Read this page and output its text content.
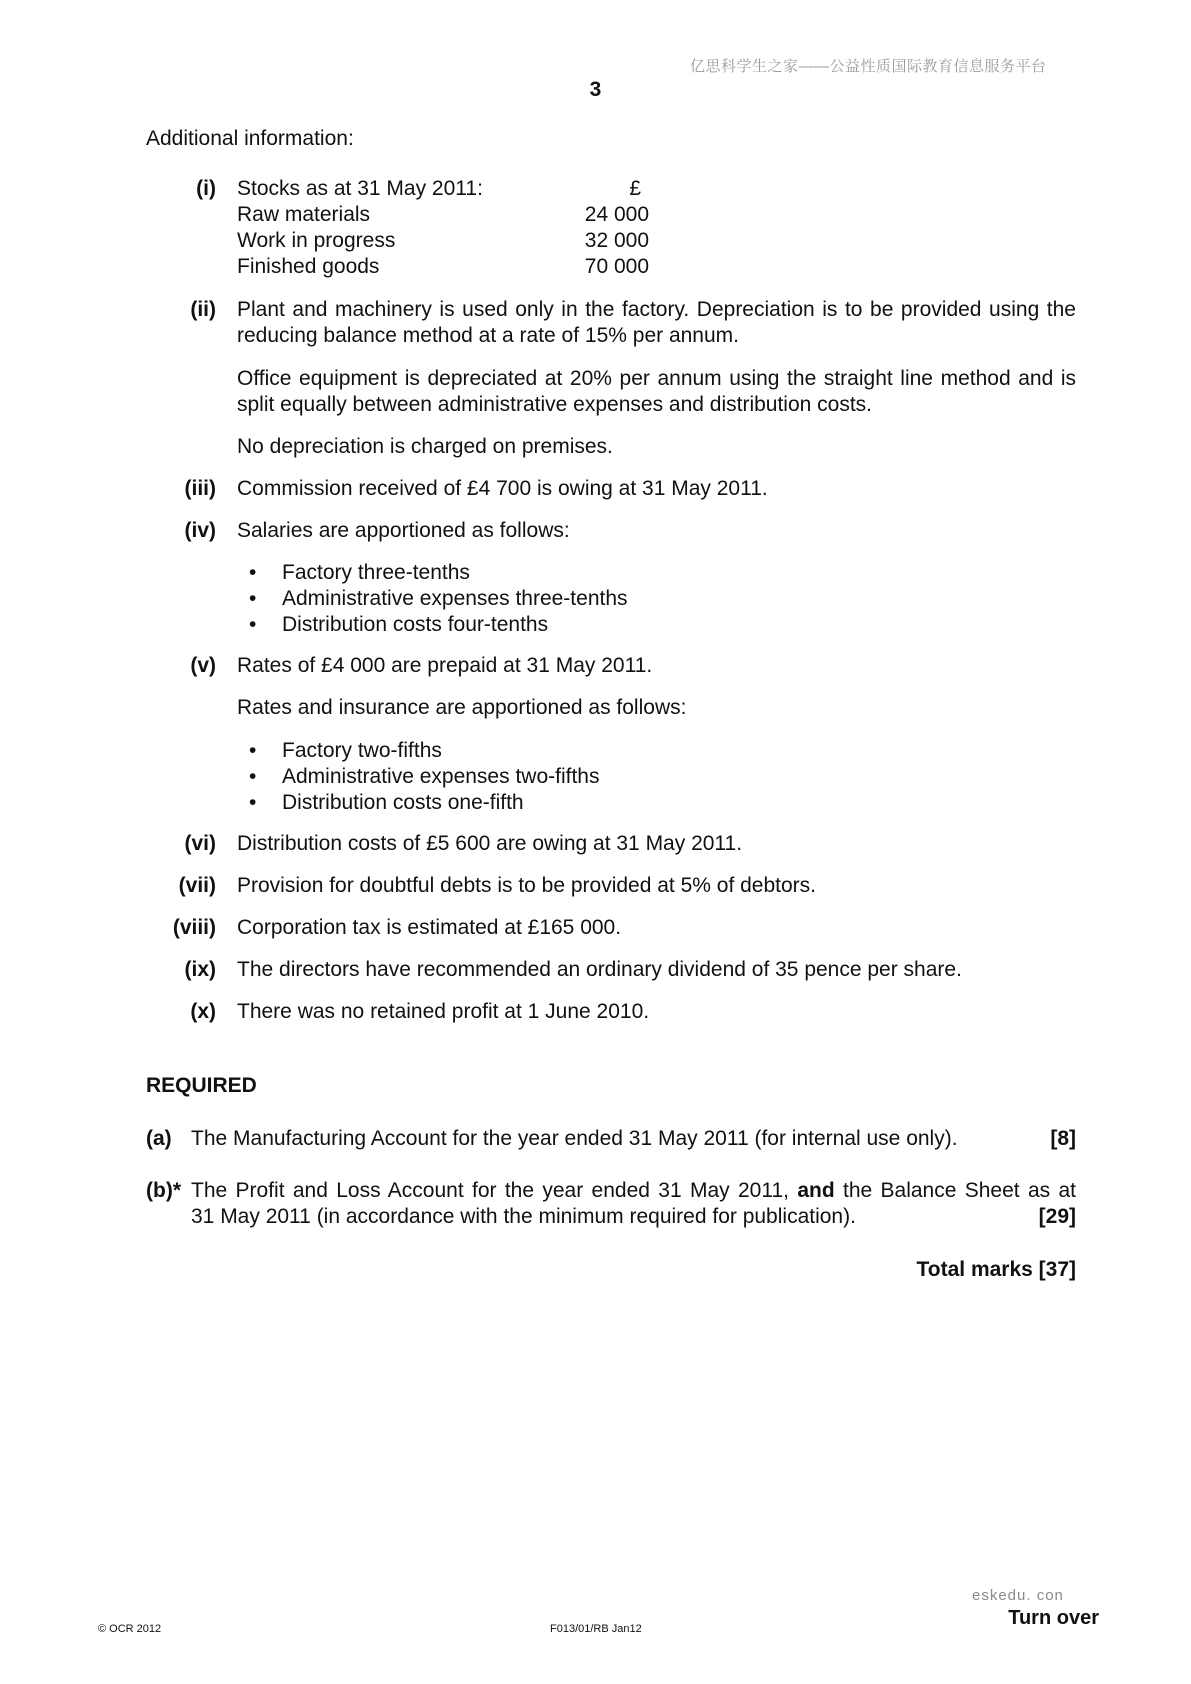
亿思科学生之家——公益性质国际教育信息服务平台
3
Additional information:
(i) Stocks as at 31 May 2011:	£
Raw materials	24 000
Work in progress	32 000
Finished goods	70 000
(ii) Plant and machinery is used only in the factory. Depreciation is to be provided using the reducing balance method at a rate of 15% per annum.
Office equipment is depreciated at 20% per annum using the straight line method and is split equally between administrative expenses and distribution costs.
No depreciation is charged on premises.
(iii) Commission received of £4 700 is owing at 31 May 2011.
(iv) Salaries are apportioned as follows:
• Factory three-tenths
• Administrative expenses three-tenths
• Distribution costs four-tenths
(v) Rates of £4 000 are prepaid at 31 May 2011.
Rates and insurance are apportioned as follows:
• Factory two-fifths
• Administrative expenses two-fifths
• Distribution costs one-fifth
(vi) Distribution costs of £5 600 are owing at 31 May 2011.
(vii) Provision for doubtful debts is to be provided at 5% of debtors.
(viii) Corporation tax is estimated at £165 000.
(ix) The directors have recommended an ordinary dividend of 35 pence per share.
(x) There was no retained profit at 1 June 2010.
REQUIRED
(a) The Manufacturing Account for the year ended 31 May 2011 (for internal use only).	[8]
(b)* The Profit and Loss Account for the year ended 31 May 2011, and the Balance Sheet as at
31 May 2011 (in accordance with the minimum required for publication).	[29]
Total marks [37]
eskedu. con
© OCR 2012	F013/01/RB Jan12	Turn over
